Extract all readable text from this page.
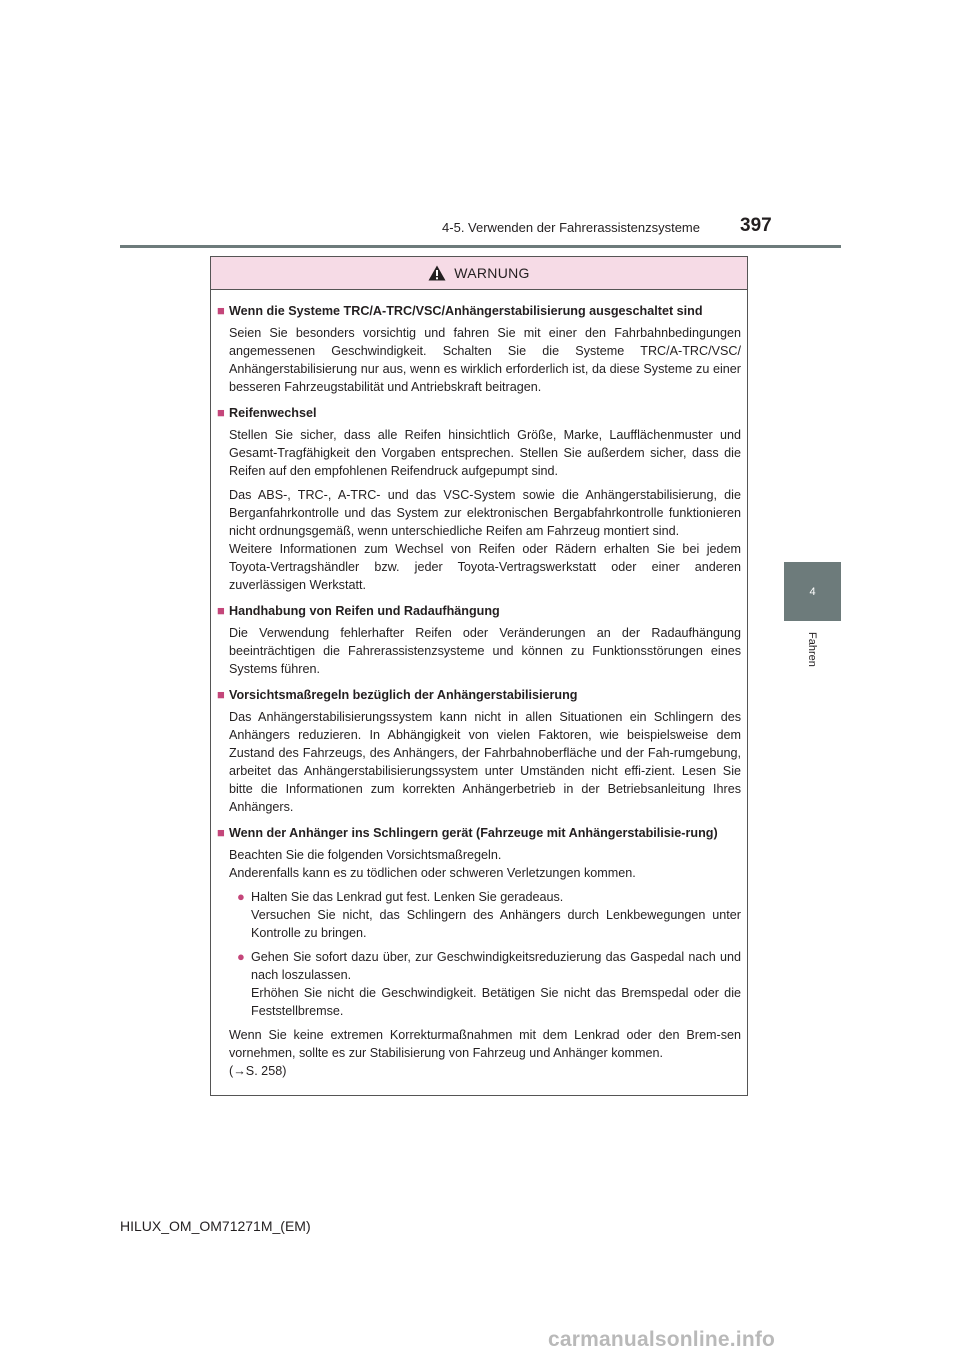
4-5. Verwenden der Fahrerassistenzsysteme 397
4
Fahren
WARNUNG
■ Wenn die Systeme TRC/A-TRC/VSC/Anhängerstabilisierung ausgeschaltet sind
Seien Sie besonders vorsichtig und fahren Sie mit einer den Fahrbahnbedingungen angemessenen Geschwindigkeit. Schalten Sie die Systeme TRC/A-TRC/VSC/ Anhängerstabilisierung nur aus, wenn es wirklich erforderlich ist, da diese Systeme zu einer besseren Fahrzeugstabilität und Antriebskraft beitragen.
■ Reifenwechsel
Stellen Sie sicher, dass alle Reifen hinsichtlich Größe, Marke, Laufflächenmuster und Gesamt-Tragfähigkeit den Vorgaben entsprechen. Stellen Sie außerdem sicher, dass die Reifen auf den empfohlenen Reifendruck aufgepumpt sind.
Das ABS-, TRC-, A-TRC- und das VSC-System sowie die Anhängerstabilisierung, die Berganfahrkontrolle und das System zur elektronischen Bergabfahrkontrolle funktionieren nicht ordnungsgemäß, wenn unterschiedliche Reifen am Fahrzeug montiert sind.
Weitere Informationen zum Wechsel von Reifen oder Rädern erhalten Sie bei jedem Toyota-Vertragshändler bzw. jeder Toyota-Vertragswerkstatt oder einer anderen zuverlässigen Werkstatt.
■ Handhabung von Reifen und Radaufhängung
Die Verwendung fehlerhafter Reifen oder Veränderungen an der Radaufhängung beeinträchtigen die Fahrerassistenzsysteme und können zu Funktionsstörungen eines Systems führen.
■ Vorsichtsmaßregeln bezüglich der Anhängerstabilisierung
Das Anhängerstabilisierungssystem kann nicht in allen Situationen ein Schlingern des Anhängers reduzieren. In Abhängigkeit von vielen Faktoren, wie beispielsweise dem Zustand des Fahrzeugs, des Anhängers, der Fahrbahnoberfläche und der Fah-rumgebung, arbeitet das Anhängerstabilisierungssystem unter Umständen nicht effi-zient. Lesen Sie bitte die Informationen zum korrekten Anhängerbetrieb in der Betriebsanleitung Ihres Anhängers.
■ Wenn der Anhänger ins Schlingern gerät (Fahrzeuge mit Anhängerstabilisie-rung)
Beachten Sie die folgenden Vorsichtsmaßregeln.
Anderenfalls kann es zu tödlichen oder schweren Verletzungen kommen.
● Halten Sie das Lenkrad gut fest. Lenken Sie geradeaus.
Versuchen Sie nicht, das Schlingern des Anhängers durch Lenkbewegungen unter Kontrolle zu bringen.
● Gehen Sie sofort dazu über, zur Geschwindigkeitsreduzierung das Gaspedal nach und nach loszulassen.
Erhöhen Sie nicht die Geschwindigkeit. Betätigen Sie nicht das Bremspedal oder die Feststellbremse.
Wenn Sie keine extremen Korrekturmaßnahmen mit dem Lenkrad oder den Brem-sen vornehmen, sollte es zur Stabilisierung von Fahrzeug und Anhänger kommen.
(→S. 258)
HILUX_OM_OM71271M_(EM)
carmanualsonline.info
